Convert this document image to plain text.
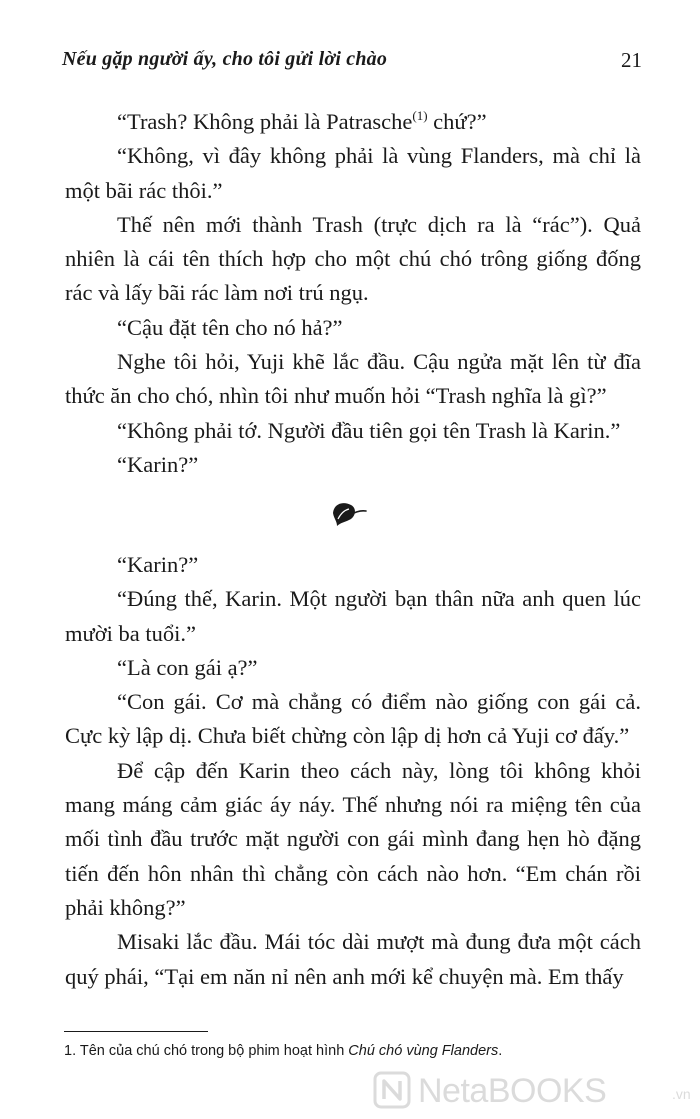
Nếu gặp người ấy, cho tôi gửi lời chào	21

“Trash? Không phải là Patrasche$^{(1)}$ chứ?”

“Không, vì đây không phải là vùng Flanders, mà chỉ là một bãi rác thôi.”

Thế nên mới thành Trash (trực dịch ra là “rác”). Quả nhiên là cái tên thích hợp cho một chú chó trông giống đống rác và lấy bãi rác làm nơi trú ngụ.

“Cậu đặt tên cho nó hả?”

Nghe tôi hỏi, Yuji khẽ lắc đầu. Cậu ngửa mặt lên từ đĩa thức ăn cho chó, nhìn tôi như muốn hỏi “Trash nghĩa là gì?”

“Không phải tớ. Người đầu tiên gọi tên Trash là Karin.”

“Karin?”

“Karin?”

“Đúng thế, Karin. Một người bạn thân nữa anh quen lúc mười ba tuổi.”

“Là con gái ạ?”

“Con gái. Cơ mà chẳng có điểm nào giống con gái cả. Cực kỳ lập dị. Chưa biết chừng còn lập dị hơn cả Yuji cơ đấy.”

Để cập đến Karin theo cách này, lòng tôi không khỏi mang máng cảm giác áy náy. Thế nhưng nói ra miệng tên của mối tình đầu trước mặt người con gái mình đang hẹn hò đặng tiến đến hôn nhân thì chẳng còn cách nào hơn. “Em chán rồi phải không?”

Misaki lắc đầu. Mái tóc dài mượt mà đung đưa một cách quý phái, “Tại em năn nỉ nên anh mới kể chuyện mà. Em thấy

1. Tên của chú chó trong bộ phim hoạt hình Chú chó vùng Flanders.
NetaBOOKS	.vn
